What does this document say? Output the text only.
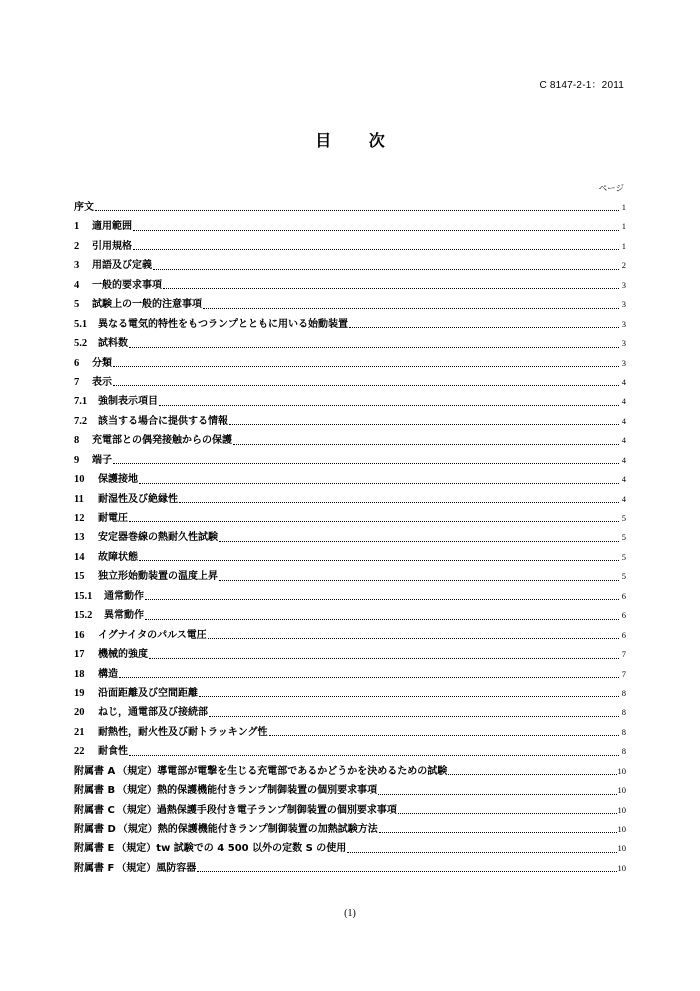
C 8147-2-1：2011
目 次
ページ
序文	1
1	適用範囲	1
2	引用規格	1
3	用語及び定義	2
4	一般的要求事項	3
5	試験上の一般的注意事項	3
5.1	異なる電気的特性をもつランプとともに用いる始動装置	3
5.2	試料数	3
6	分類	3
7	表示	4
7.1	強制表示項目	4
7.2	該当する場合に提供する情報	4
8	充電部との偶発接触からの保護	4
9	端子	4
10	保護接地	4
11	耐湿性及び絶縁性	4
12	耐電圧	5
13	安定器巻線の熱耐久性試験	5
14	故障状態	5
15	独立形始動装置の温度上昇	5
15.1	通常動作	6
15.2	異常動作	6
16	イグナイタのパルス電圧	6
17	機械的強度	7
18	構造	7
19	沿面距離及び空間距離	8
20	ねじ，通電部及び接続部	8
21	耐熱性，耐火性及び耐トラッキング性	8
22	耐食性	8
附属書 A （規定）導電部が電撃を生じる充電部であるかどうかを決めるための試験	10
附属書 B （規定）熱的保護機能付きランプ制御装置の個別要求事項	10
附属書 C （規定）過熱保護手段付き電子ランプ制御装置の個別要求事項	10
附属書 D （規定）熱的保護機能付きランプ制御装置の加熱試験方法	10
附属書 E （規定）tw 試験での 4 500 以外の定数 S の使用	10
附属書 F （規定）風防容器	10
(1)
